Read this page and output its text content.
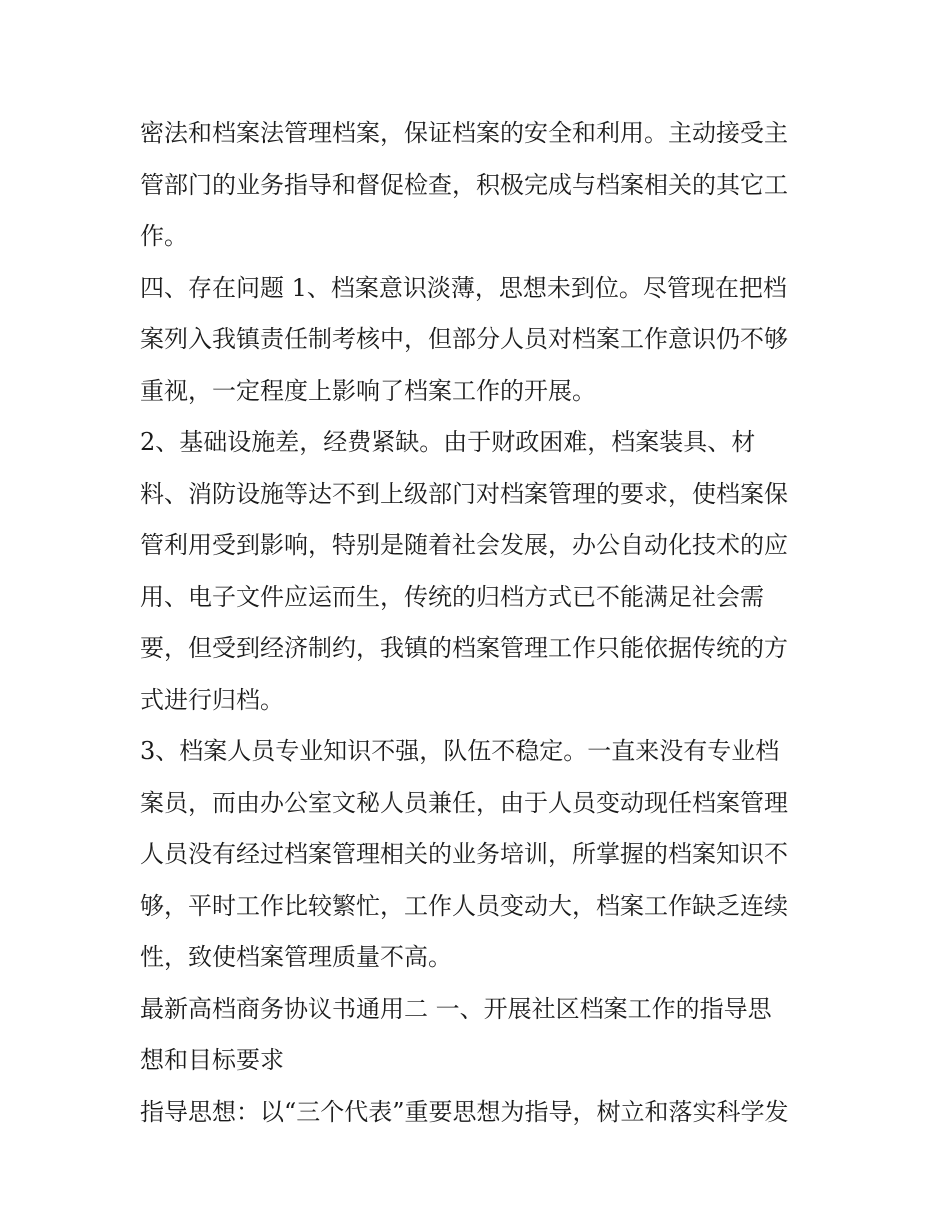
密法和档案法管理档案，保证档案的安全和利用。主动接受主
管部门的业务指导和督促检查，积极完成与档案相关的其它工
作。
四、存在问题 1、档案意识淡薄，思想未到位。尽管现在把档
案列入我镇责任制考核中，但部分人员对档案工作意识仍不够
重视，一定程度上影响了档案工作的开展。
2、基础设施差，经费紧缺。由于财政困难，档案装具、材
料、消防设施等达不到上级部门对档案管理的要求，使档案保
管利用受到影响，特别是随着社会发展，办公自动化技术的应
用、电子文件应运而生，传统的归档方式已不能满足社会需
要，但受到经济制约，我镇的档案管理工作只能依据传统的方
式进行归档。
3、档案人员专业知识不强，队伍不稳定。一直来没有专业档
案员，而由办公室文秘人员兼任，由于人员变动现任档案管理
人员没有经过档案管理相关的业务培训，所掌握的档案知识不
够，平时工作比较繁忙，工作人员变动大，档案工作缺乏连续
性，致使档案管理质量不高。
最新高档商务协议书通用二 一、开展社区档案工作的指导思
想和目标要求
指导思想：以“三个代表”重要思想为指导，树立和落实科学发
